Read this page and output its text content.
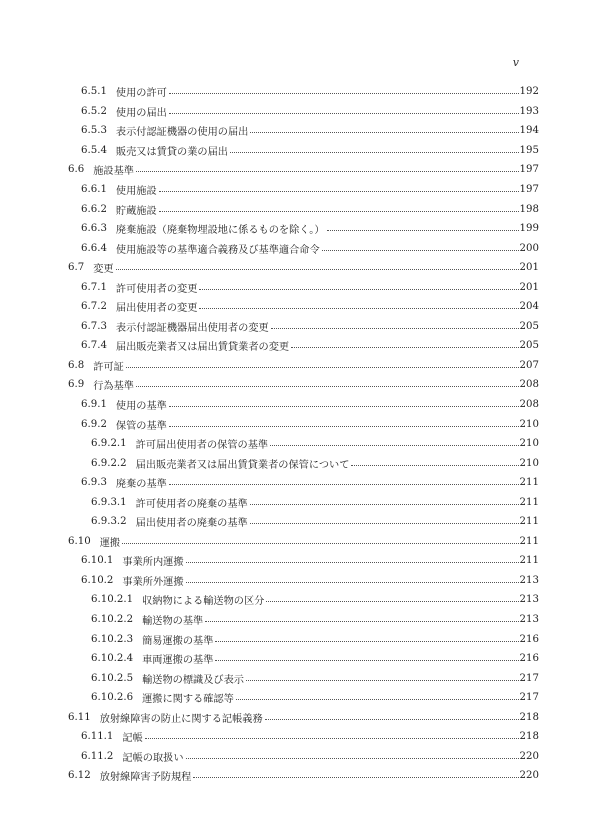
v
6.5.1 使用の許可	192
6.5.2 使用の届出	193
6.5.3 表示付認証機器の使用の届出	194
6.5.4 販売又は賃貸の業の届出	195
6.6 施設基準	197
6.6.1 使用施設	197
6.6.2 貯蔵施設	198
6.6.3 廃棄施設（廃棄物埋設地に係るものを除く。）	199
6.6.4 使用施設等の基準適合義務及び基準適合命令	200
6.7 変更	201
6.7.1 許可使用者の変更	201
6.7.2 届出使用者の変更	204
6.7.3 表示付認証機器届出使用者の変更	205
6.7.4 届出販売業者又は届出賃貸業者の変更	205
6.8 許可証	207
6.9 行為基準	208
6.9.1 使用の基準	208
6.9.2 保管の基準	210
6.9.2.1 許可届出使用者の保管の基準	210
6.9.2.2 届出販売業者又は届出賃貸業者の保管について	210
6.9.3 廃棄の基準	211
6.9.3.1 許可使用者の廃棄の基準	211
6.9.3.2 届出使用者の廃棄の基準	211
6.10 運搬	211
6.10.1 事業所内運搬	211
6.10.2 事業所外運搬	213
6.10.2.1 収納物による輸送物の区分	213
6.10.2.2 輸送物の基準	213
6.10.2.3 簡易運搬の基準	216
6.10.2.4 車両運搬の基準	216
6.10.2.5 輸送物の標識及び表示	217
6.10.2.6 運搬に関する確認等	217
6.11 放射線障害の防止に関する記帳義務	218
6.11.1 記帳	218
6.11.2 記帳の取扱い	220
6.12 放射線障害予防規程	220
